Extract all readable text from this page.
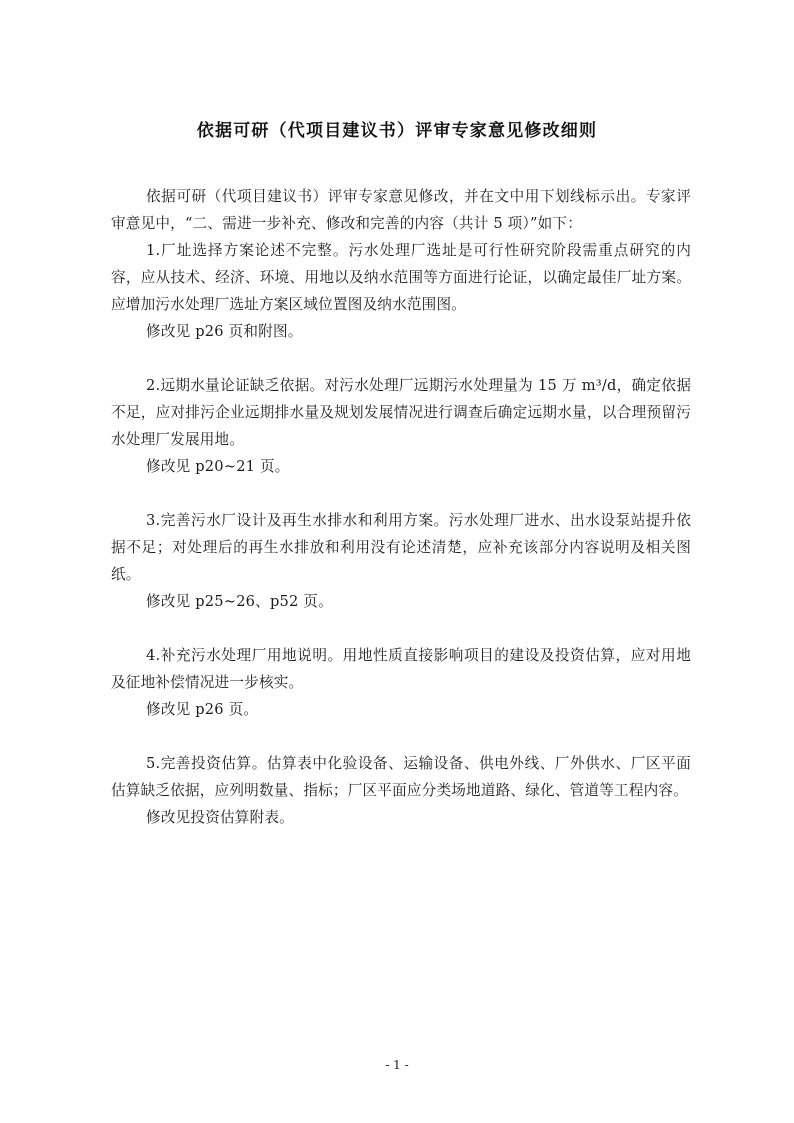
依据可研（代项目建议书）评审专家意见修改细则

依据可研（代项目建议书）评审专家意见修改，并在文中用下划线标示出。专家评审意见中，“二、需进一步补充、修改和完善的内容（共计 5 项）”如下：

1.厂址选择方案论述不完整。污水处理厂选址是可行性研究阶段需重点研究的内容，应从技术、经济、环境、用地以及纳水范围等方面进行论证，以确定最佳厂址方案。应增加污水处理厂选址方案区域位置图及纳水范围图。

修改见 p26 页和附图。

2.远期水量论证缺乏依据。对污水处理厂远期污水处理量为 15 万 m³/d，确定依据不足，应对排污企业远期排水量及规划发展情况进行调查后确定远期水量，以合理预留污水处理厂发展用地。

修改见 p20~21 页。

3.完善污水厂设计及再生水排水和利用方案。污水处理厂进水、出水设泵站提升依据不足；对处理后的再生水排放和利用没有论述清楚，应补充该部分内容说明及相关图纸。

修改见 p25~26、p52 页。

4.补充污水处理厂用地说明。用地性质直接影响项目的建设及投资估算，应对用地及征地补偿情况进一步核实。

修改见 p26 页。

5.完善投资估算。估算表中化验设备、运输设备、供电外线、厂外供水、厂区平面估算缺乏依据，应列明数量、指标；厂区平面应分类场地道路、绿化、管道等工程内容。

修改见投资估算附表。

- 1 -
